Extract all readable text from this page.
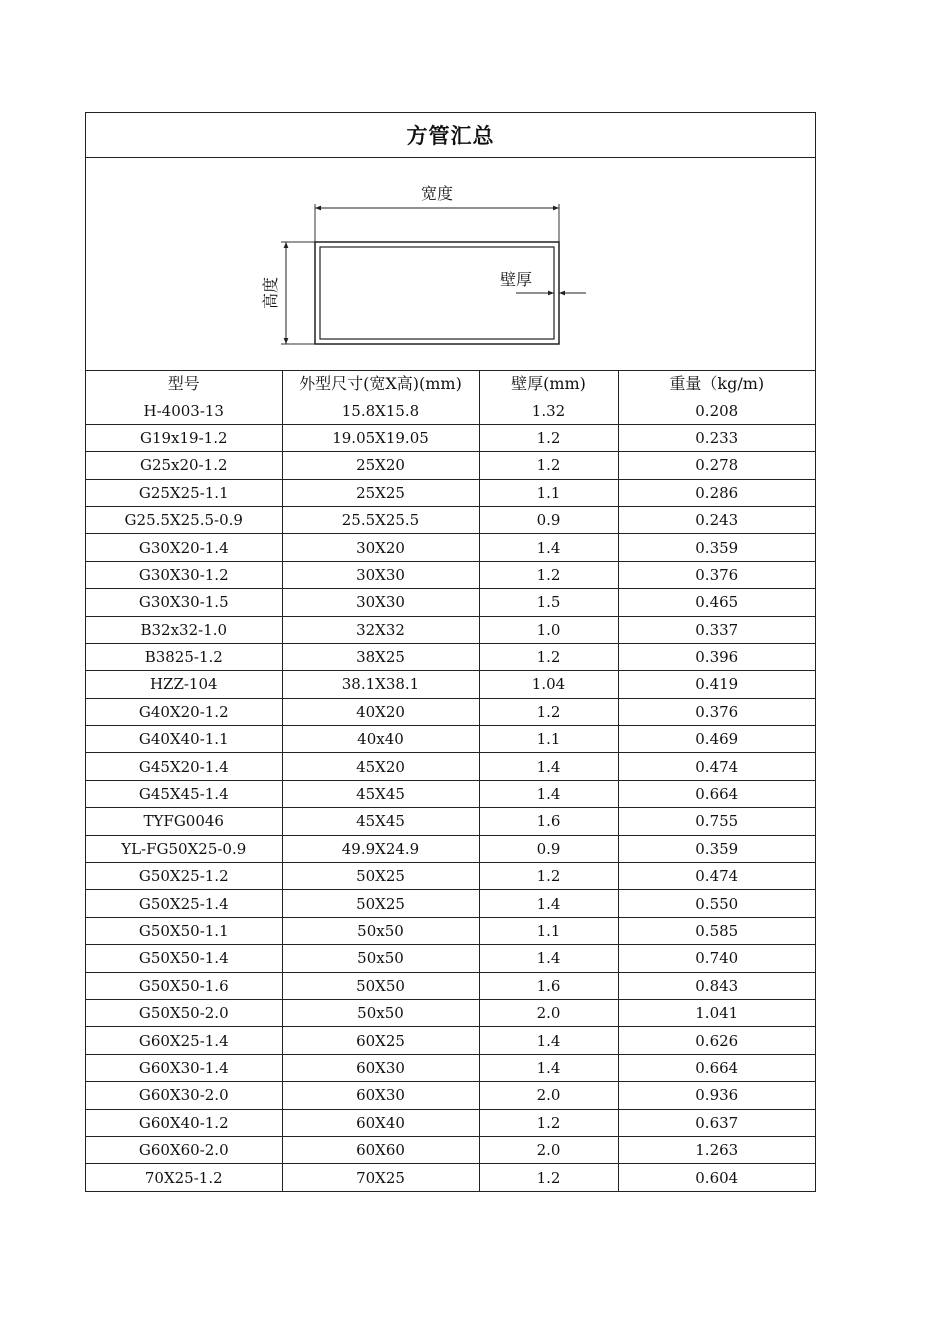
方管汇总
宽度
壁厚
高度
型号	外型尺寸(宽X高)(mm)	壁厚(mm)	重量（kg/m)
H-4003-13	15.8X15.8	1.32	0.208
G19x19-1.2	19.05X19.05	1.2	0.233
G25x20-1.2	25X20	1.2	0.278
G25X25-1.1	25X25	1.1	0.286
G25.5X25.5-0.9	25.5X25.5	0.9	0.243
G30X20-1.4	30X20	1.4	0.359
G30X30-1.2	30X30	1.2	0.376
G30X30-1.5	30X30	1.5	0.465
B32x32-1.0	32X32	1.0	0.337
B3825-1.2	38X25	1.2	0.396
HZZ-104	38.1X38.1	1.04	0.419
G40X20-1.2	40X20	1.2	0.376
G40X40-1.1	40x40	1.1	0.469
G45X20-1.4	45X20	1.4	0.474
G45X45-1.4	45X45	1.4	0.664
TYFG0046	45X45	1.6	0.755
YL-FG50X25-0.9	49.9X24.9	0.9	0.359
G50X25-1.2	50X25	1.2	0.474
G50X25-1.4	50X25	1.4	0.550
G50X50-1.1	50x50	1.1	0.585
G50X50-1.4	50x50	1.4	0.740
G50X50-1.6	50X50	1.6	0.843
G50X50-2.0	50x50	2.0	1.041
G60X25-1.4	60X25	1.4	0.626
G60X30-1.4	60X30	1.4	0.664
G60X30-2.0	60X30	2.0	0.936
G60X40-1.2	60X40	1.2	0.637
G60X60-2.0	60X60	2.0	1.263
70X25-1.2	70X25	1.2	0.604
